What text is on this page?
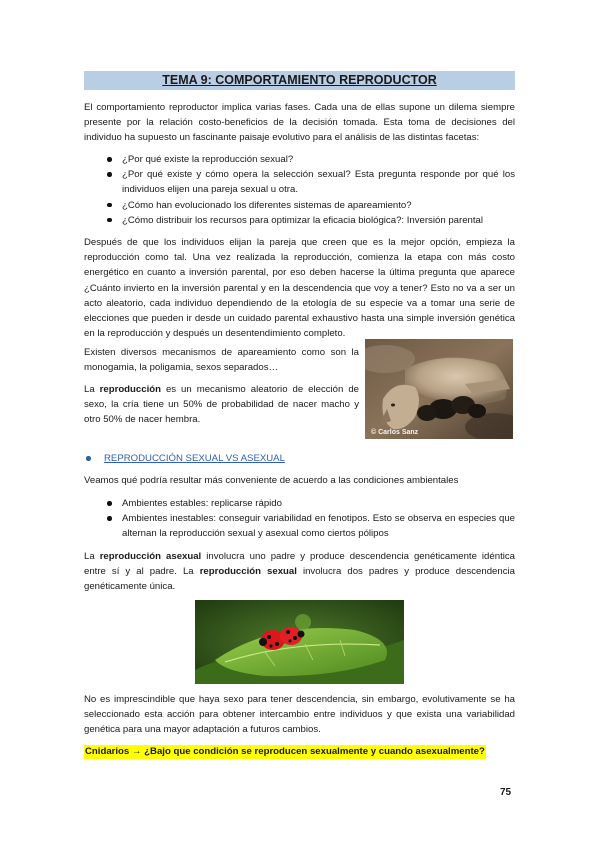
TEMA 9: COMPORTAMIENTO REPRODUCTOR

El comportamiento reproductor implica varias fases. Cada una de ellas supone un dilema siempre presente por la relación costo-beneficios de la decisión tomada. Esta toma de decisiones del individuo ha supuesto un fascinante paisaje evolutivo para el análisis de las distintas facetas:

¿Por qué existe la reproducción sexual?
¿Por qué existe y cómo opera la selección sexual? Esta pregunta responde por qué los individuos elijen una pareja sexual u otra.
¿Cómo han evolucionado los diferentes sistemas de apareamiento?
¿Cómo distribuir los recursos para optimizar la eficacia biológica?: Inversión parental

Después de que los individuos elijan la pareja que creen que es la mejor opción, empieza la reproducción como tal. Una vez realizada la reproducción, comienza la etapa con más costo energético en cuanto a inversión parental, por eso deben hacerse la última pregunta que aparece ¿Cuánto invierto en la inversión parental y en la descendencia que voy a tener? Esto no va a ser un acto aleatorio, cada individuo dependiendo de la etología de su especie va a tomar una serie de elecciones que pueden ir desde un cuidado parental exhaustivo hasta una simple inversión genética en la reproducción y después un desentendimiento completo.

Existen diversos mecanismos de apareamiento como son la monogamia, la poligamia, sexos separados…

La reproducción es un mecanismo aleatorio de elección de sexo, la cría tiene un 50% de probabilidad de nacer macho y otro 50% de nacer hembra.

© Carlos Sanz
REPRODUCCIÓN SEXUAL VS ASEXUAL

Veamos qué podría resultar más conveniente de acuerdo a las condiciones ambientales

Ambientes estables: replicarse rápido
Ambientes inestables: conseguir variabilidad en fenotipos. Esto se observa en especies que alternan la reproducción sexual y asexual como ciertos pólipos

La reproducción asexual involucra uno padre y produce descendencia genéticamente idéntica entre sí y al padre. La reproducción sexual involucra dos padres y produce descendencia genéticamente única.

No es imprescindible que haya sexo para tener descendencia, sin embargo, evolutivamente se ha seleccionado esta acción para obtener intercambio entre individuos y que exista una variabilidad genética para una mayor adaptación a futuros cambios.

Cnidarios → ¿Bajo que condición se reproducen sexualmente y cuando asexualmente?
75
